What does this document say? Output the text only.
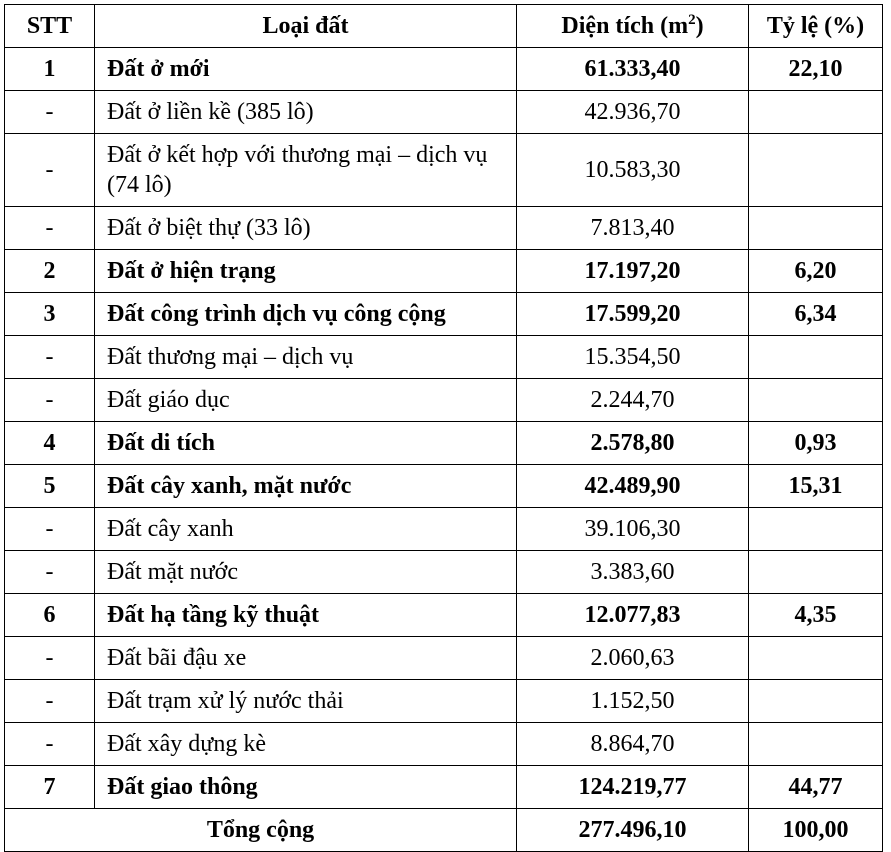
STT	Loại đất	Diện tích $(m^2)$	Tỷ lệ (%)
1	Đất ở mới	61.333,40	22,10
-	Đất ở liền kề (385 lô)	42.936,70	
-	Đất ở kết hợp với thương mại – dịch vụ (74 lô)	10.583,30	
-	Đất ở biệt thự (33 lô)	7.813,40	
2	Đất ở hiện trạng	17.197,20	6,20
3	Đất công trình dịch vụ công cộng	17.599,20	6,34
-	Đất thương mại – dịch vụ	15.354,50	
-	Đất giáo dục	2.244,70	
4	Đất di tích	2.578,80	0,93
5	Đất cây xanh, mặt nước	42.489,90	15,31
-	Đất cây xanh	39.106,30	
-	Đất mặt nước	3.383,60	
6	Đất hạ tầng kỹ thuật	12.077,83	4,35
-	Đất bãi đậu xe	2.060,63	
-	Đất trạm xử lý nước thải	1.152,50	
-	Đất xây dựng kè	8.864,70	
7	Đất giao thông	124.219,77	44,77
Tổng cộng		277.496,10	100,00
